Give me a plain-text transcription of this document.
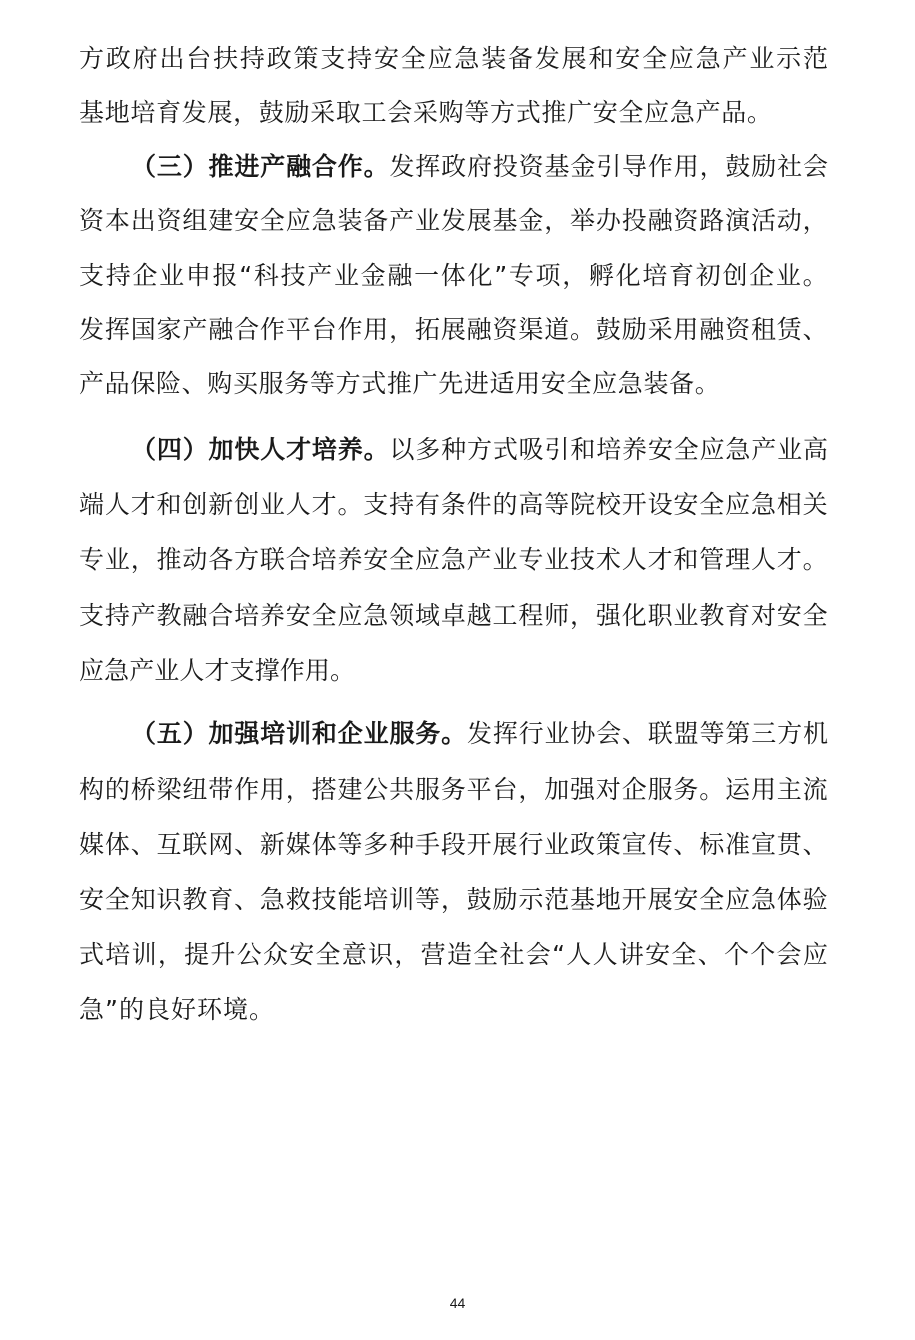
方 政 府 出 台 扶 持 政 策 支 持 安 全 应 急 装 备 发 展 和 安 全 应 急 产 业 示 范
基 地 培 育 发 展 ， 鼓 励 采 取 工 会 采 购 等 方 式 推 广 安 全 应 急 产 品 。
（ 三 ） 推 进 产 融 合 作 。 发 挥 政 府 投 资 基 金 引 导 作 用 ， 鼓 励 社 会
资 本 出 资 组 建 安 全 应 急 装 备 产 业 发 展 基 金 ， 举 办 投 融 资 路 演 活 动 ，
支 持 企 业 申 报 “ 科 技 产 业 金 融 一 体 化 ” 专 项 ， 孵 化 培 育 初 创 企 业 。
发 挥 国 家 产 融 合 作 平 台 作 用 ， 拓 展 融 资 渠 道 。 鼓 励 采 用 融 资 租 赁 、
产 品 保 险 、 购 买 服 务 等 方 式 推 广 先 进 适 用 安 全 应 急 装 备 。
（ 四 ） 加 快 人 才 培 养 。 以 多 种 方 式 吸 引 和 培 养 安 全 应 急 产 业 高
端 人 才 和 创 新 创 业 人 才 。 支 持 有 条 件 的 高 等 院 校 开 设 安 全 应 急 相 关
专 业 ， 推 动 各 方 联 合 培 养 安 全 应 急 产 业 专 业 技 术 人 才 和 管 理 人 才 。
支 持 产 教 融 合 培 养 安 全 应 急 领 域 卓 越 工 程 师 ， 强 化 职 业 教 育 对 安 全
应 急 产 业 人 才 支 撑 作 用 。
（ 五 ） 加 强 培 训 和 企 业 服 务 。 发 挥 行 业 协 会 、 联 盟 等 第 三 方 机
构 的 桥 梁 纽 带 作 用 ， 搭 建 公 共 服 务 平 台 ， 加 强 对 企 服 务 。 运 用 主 流
媒 体 、 互 联 网 、 新 媒 体 等 多 种 手 段 开 展 行 业 政 策 宣 传 、 标 准 宣 贯 、
安 全 知 识 教 育 、 急 救 技 能 培 训 等 ， 鼓 励 示 范 基 地 开 展 安 全 应 急 体 验
式 培 训 ， 提 升 公 众 安 全 意 识 ， 营 造 全 社 会 “ 人 人 讲 安 全 、 个 个 会 应
急 ” 的 良 好 环 境 。
44
